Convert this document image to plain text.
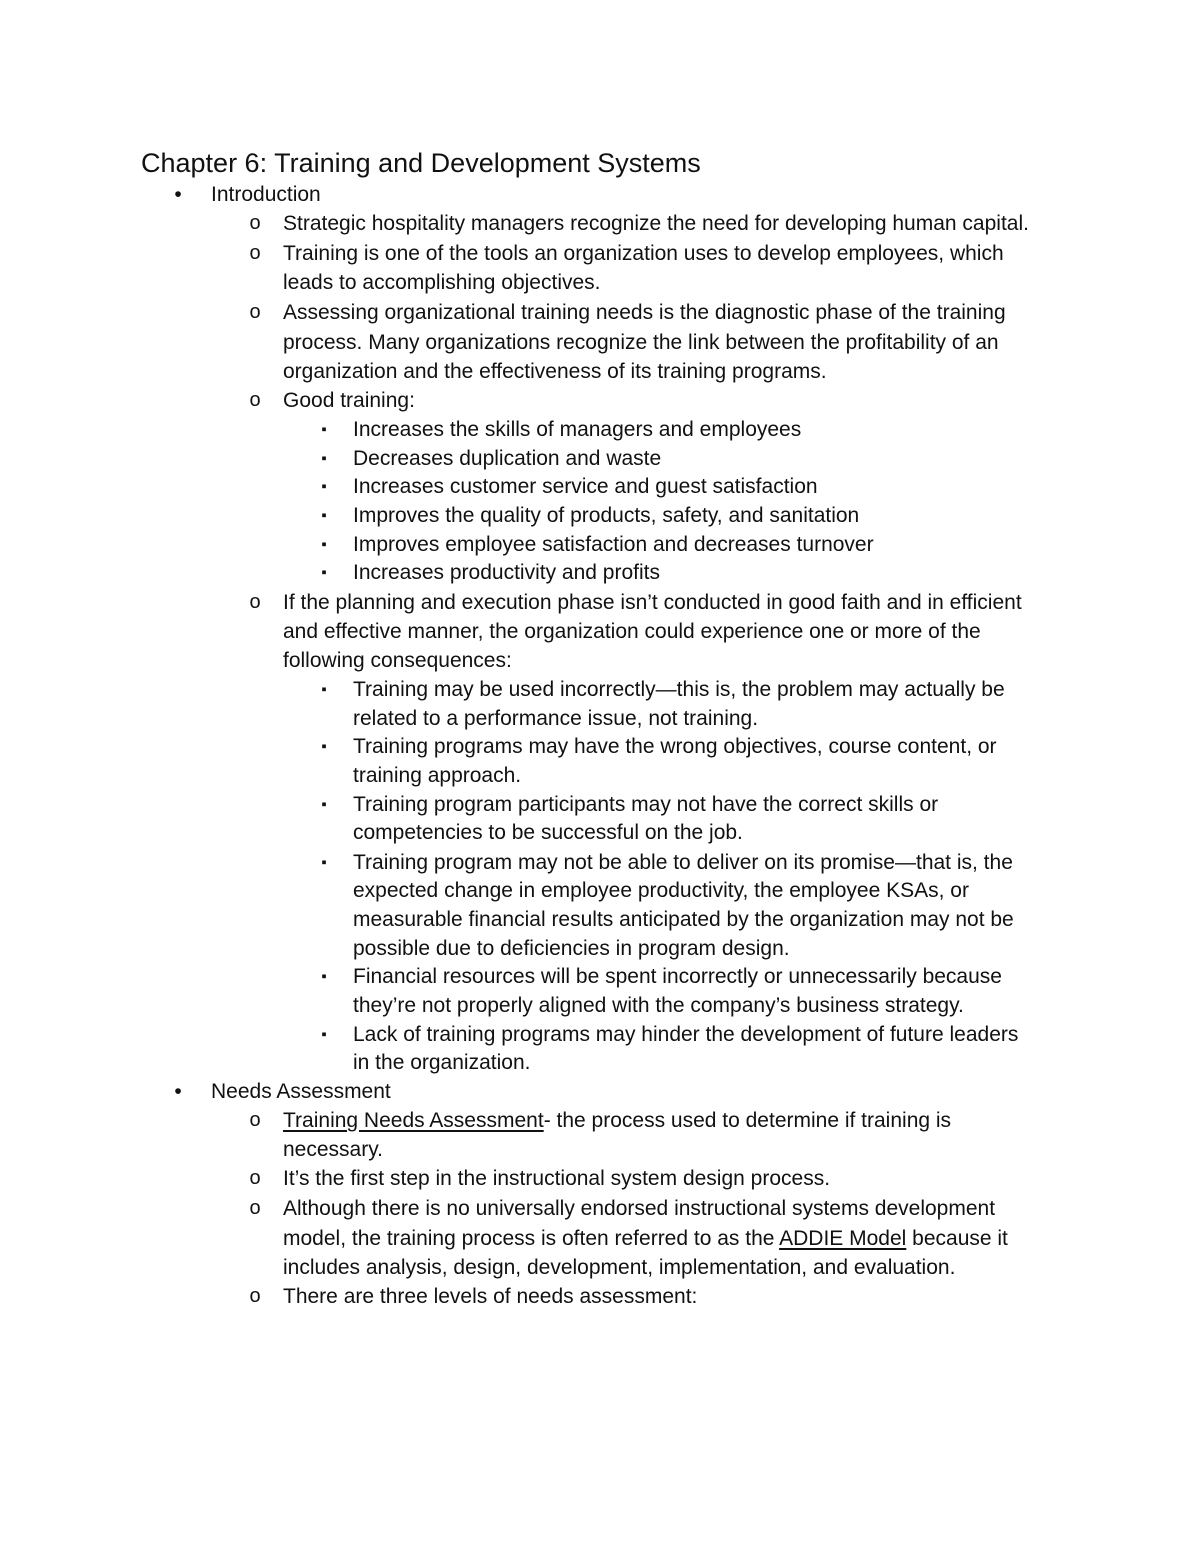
Chapter 6: Training and Development Systems
• Introduction
o Strategic hospitality managers recognize the need for developing human capital.
o Training is one of the tools an organization uses to develop employees, which
leads to accomplishing objectives.
o Assessing organizational training needs is the diagnostic phase of the training
process. Many organizations recognize the link between the profitability of an
organization and the effectiveness of its training programs.
o Good training:
▪ Increases the skills of managers and employees
▪ Decreases duplication and waste
▪ Increases customer service and guest satisfaction
▪ Improves the quality of products, safety, and sanitation
▪ Improves employee satisfaction and decreases turnover
▪ Increases productivity and profits
o If the planning and execution phase isn’t conducted in good faith and in efficient
and effective manner, the organization could experience one or more of the
following consequences:
▪ Training may be used incorrectly—this is, the problem may actually be
related to a performance issue, not training.
▪ Training programs may have the wrong objectives, course content, or
training approach.
▪ Training program participants may not have the correct skills or
competencies to be successful on the job.
▪ Training program may not be able to deliver on its promise—that is, the
expected change in employee productivity, the employee KSAs, or
measurable financial results anticipated by the organization may not be
possible due to deficiencies in program design.
▪ Financial resources will be spent incorrectly or unnecessarily because
they’re not properly aligned with the company’s business strategy.
▪ Lack of training programs may hinder the development of future leaders
in the organization.
• Needs Assessment
o Training Needs Assessment- the process used to determine if training is
necessary.
o It’s the first step in the instructional system design process.
o Although there is no universally endorsed instructional systems development
model, the training process is often referred to as the ADDIE Model because it
includes analysis, design, development, implementation, and evaluation.
o There are three levels of needs assessment:
